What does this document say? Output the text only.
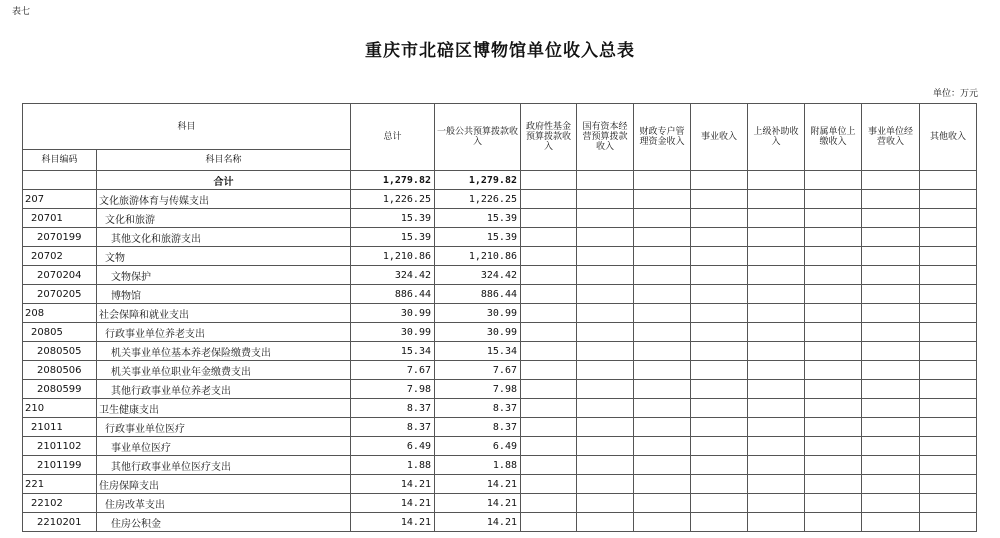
表七
重庆市北碚区博物馆单位收入总表
单位：万元
科目		总计	一般公共预算拨款收入	政府性基金预算拨款收入	国有资本经营预算拨款收入	财政专户管理资金收入	事业收入	上级补助收入	附属单位上缴收入	事业单位经营收入	其他收入
科目编码	科目名称										
	合计	1,279.82	1,279.82								
207	文化旅游体育与传媒支出	1,226.25	1,226.25								
20701	文化和旅游	15.39	15.39								
2070199	其他文化和旅游支出	15.39	15.39								
20702	文物	1,210.86	1,210.86								
2070204	文物保护	324.42	324.42								
2070205	博物馆	886.44	886.44								
208	社会保障和就业支出	30.99	30.99								
20805	行政事业单位养老支出	30.99	30.99								
2080505	机关事业单位基本养老保险缴费支出	15.34	15.34								
2080506	机关事业单位职业年金缴费支出	7.67	7.67								
2080599	其他行政事业单位养老支出	7.98	7.98								
210	卫生健康支出	8.37	8.37								
21011	行政事业单位医疗	8.37	8.37								
2101102	事业单位医疗	6.49	6.49								
2101199	其他行政事业单位医疗支出	1.88	1.88								
221	住房保障支出	14.21	14.21								
22102	住房改革支出	14.21	14.21								
2210201	住房公积金	14.21	14.21								
